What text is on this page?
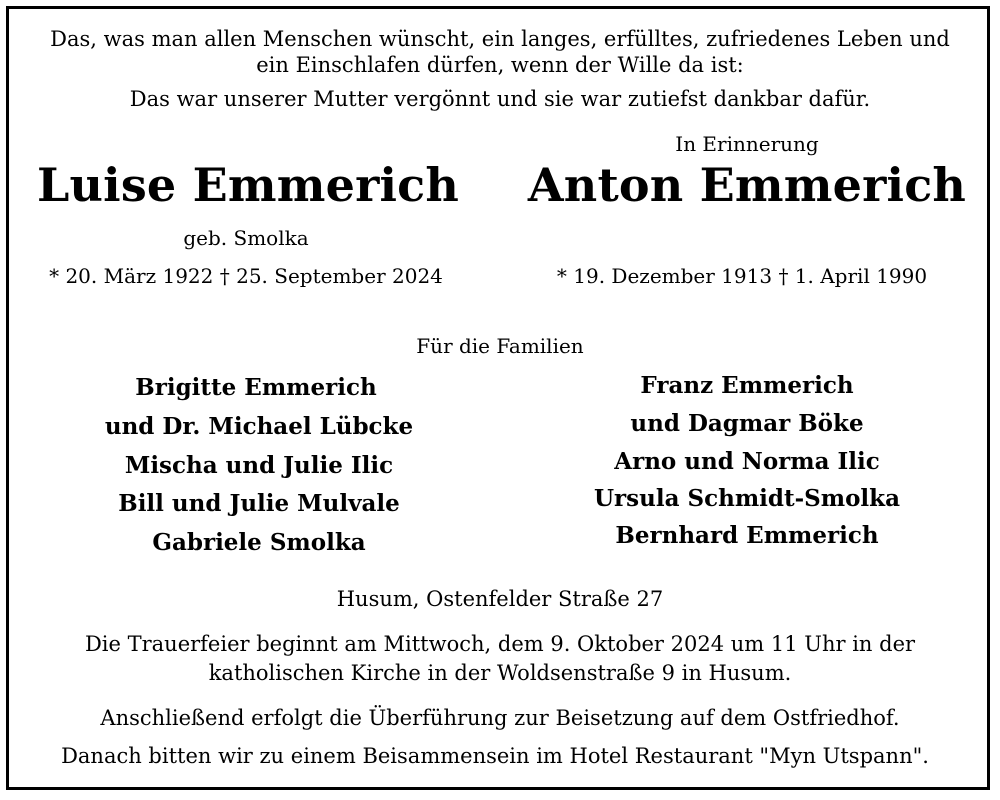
Das, was man allen Menschen wünscht, ein langes, erfülltes, zufriedenes Leben und
ein Einschlafen dürfen, wenn der Wille da ist:
Das war unserer Mutter vergönnt und sie war zutiefst dankbar dafür.
In Erinnerung
Luise Emmerich Anton Emmerich
geb. Smolka
* 20. März 1922 † 25. September 2024	* 19. Dezember 1913 † 1. April 1990
Für die Familien
Brigitte Emmerich
und Dr. Michael Lübcke
Mischa und Julie Ilic
Bill und Julie Mulvale
Gabriele Smolka
Franz Emmerich
und Dagmar Böke
Arno und Norma Ilic
Ursula Schmidt-Smolka
Bernhard Emmerich
Husum, Ostenfelder Straße 27
Die Trauerfeier beginnt am Mittwoch, dem 9. Oktober 2024 um 11 Uhr in der
katholischen Kirche in der Woldsenstraße 9 in Husum.
Anschließend erfolgt die Überführung zur Beisetzung auf dem Ostfriedhof.
Danach bitten wir zu einem Beisammensein im Hotel Restaurant "Myn Utspann".
